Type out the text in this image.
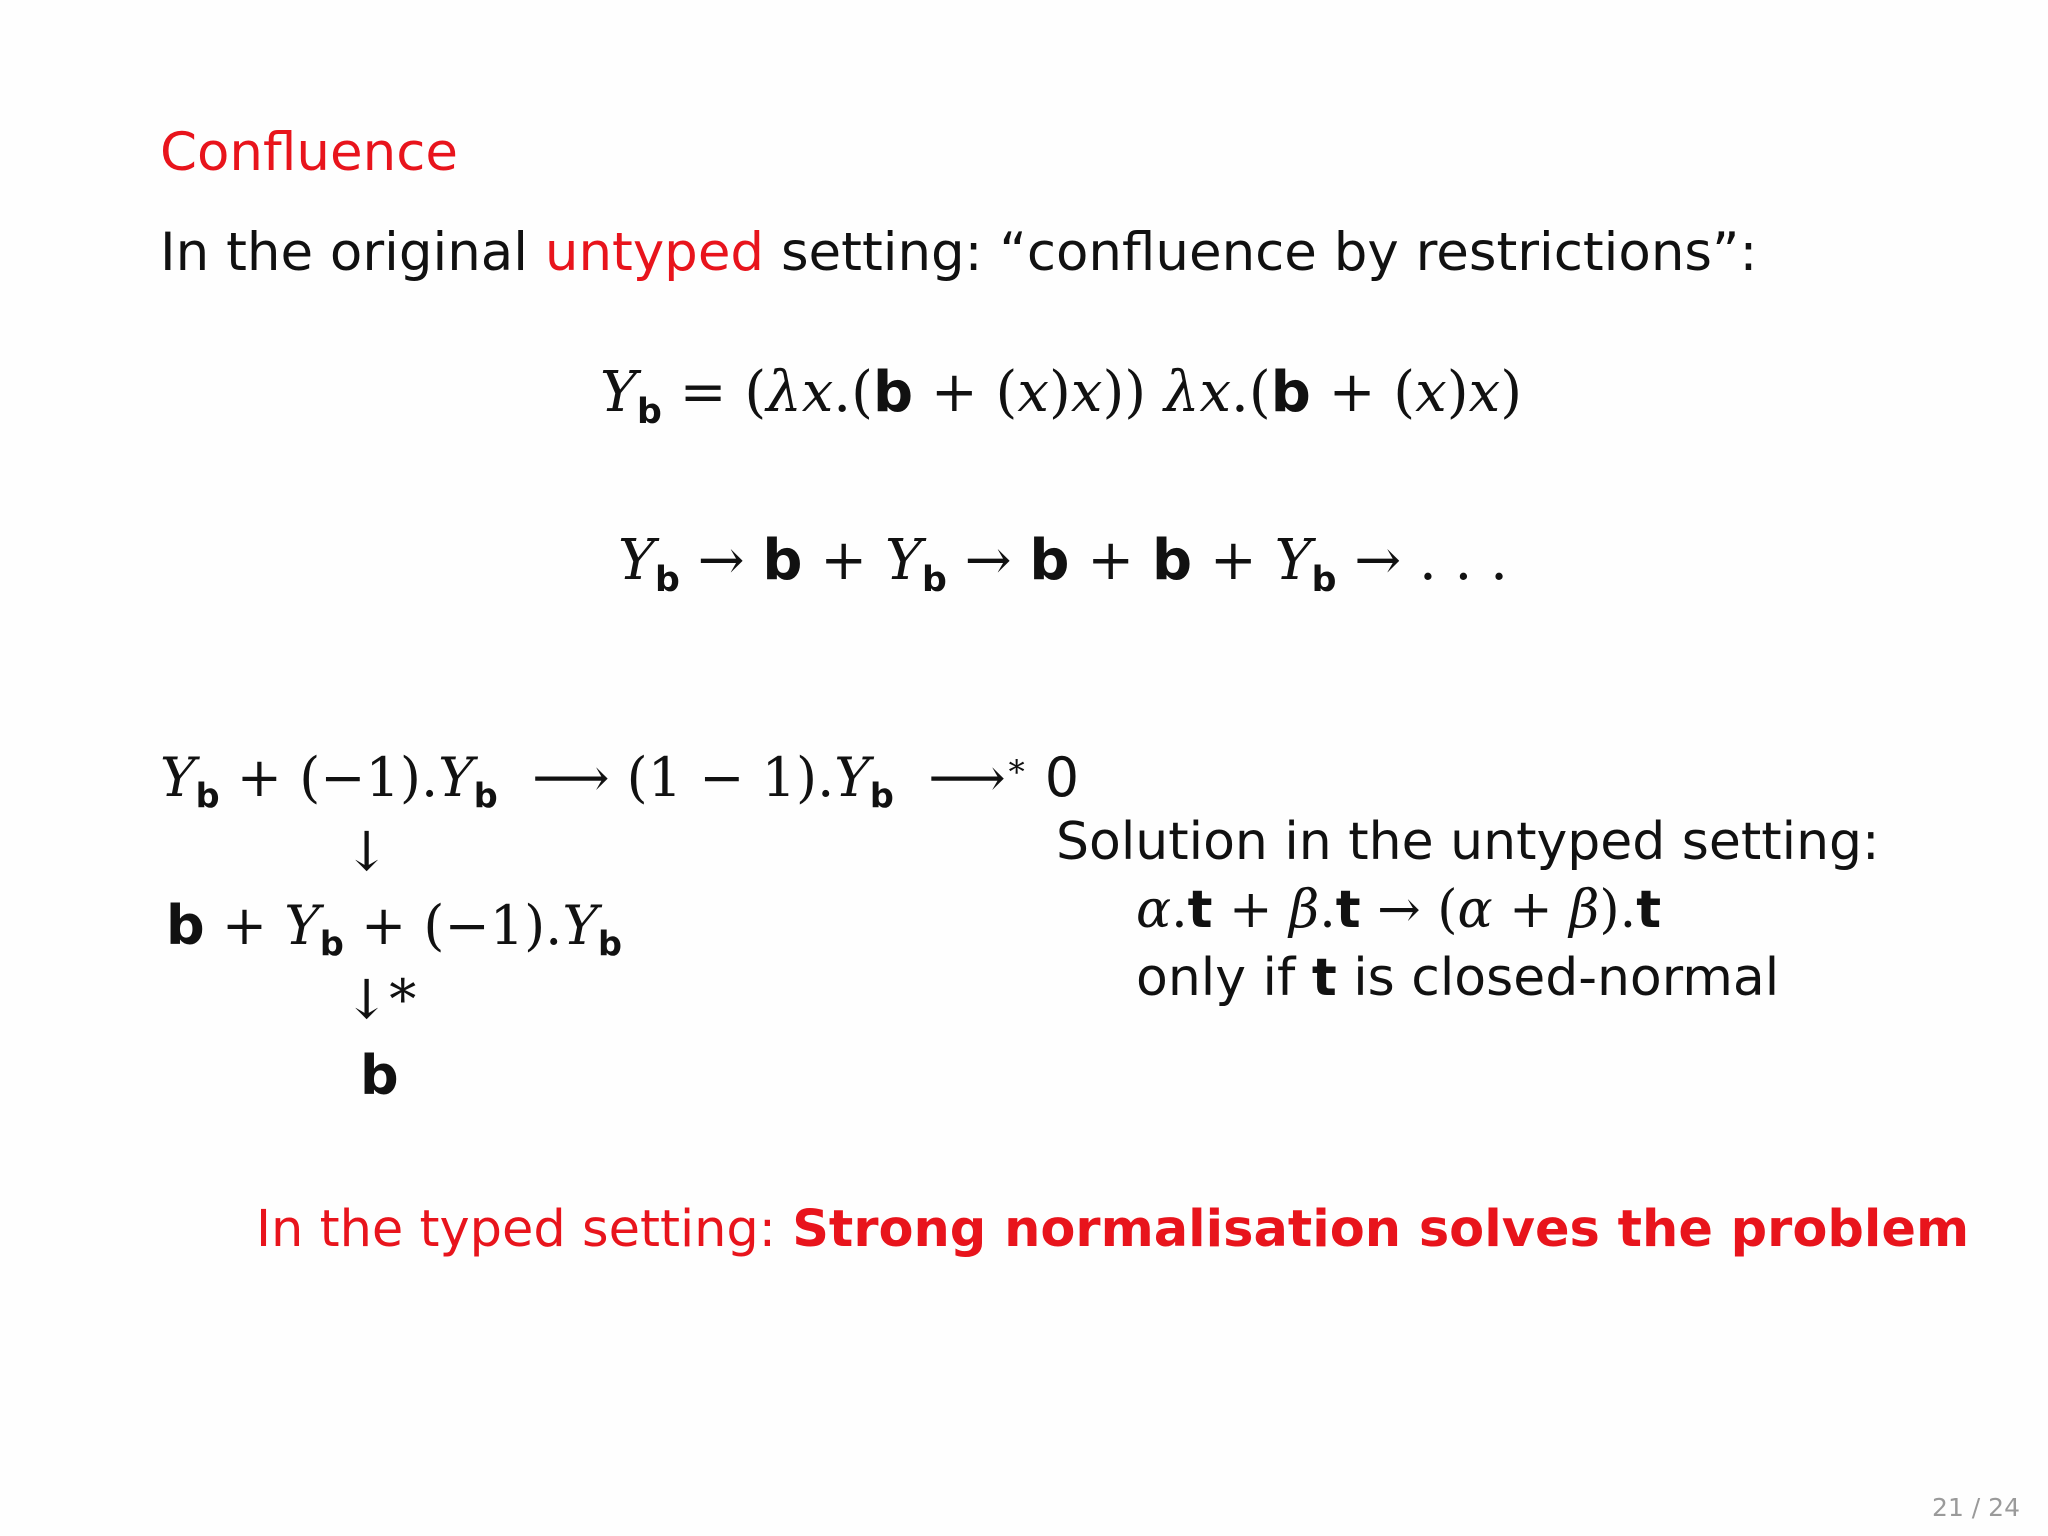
Confluence
In the original untyped setting: “confluence by restrictions”:
$Y_b = (\lambda x.(b + (x)x)) \lambda x.(b + (x)x)$
$Y_b \to b + Y_b \to b + b + Y_b$ → . . .
$Y_b + (-1).Y_b$  ⟶ $(1 - 1).Y_b$  ⟶∗ 0
↓
$b + Y_b + (-1).Y_b$
↓*
b
Solution in the untyped setting:
α.t + β.t → (α + β).t
only if t is closed-normal
In the typed setting: Strong normalisation solves the problem
21 / 24
